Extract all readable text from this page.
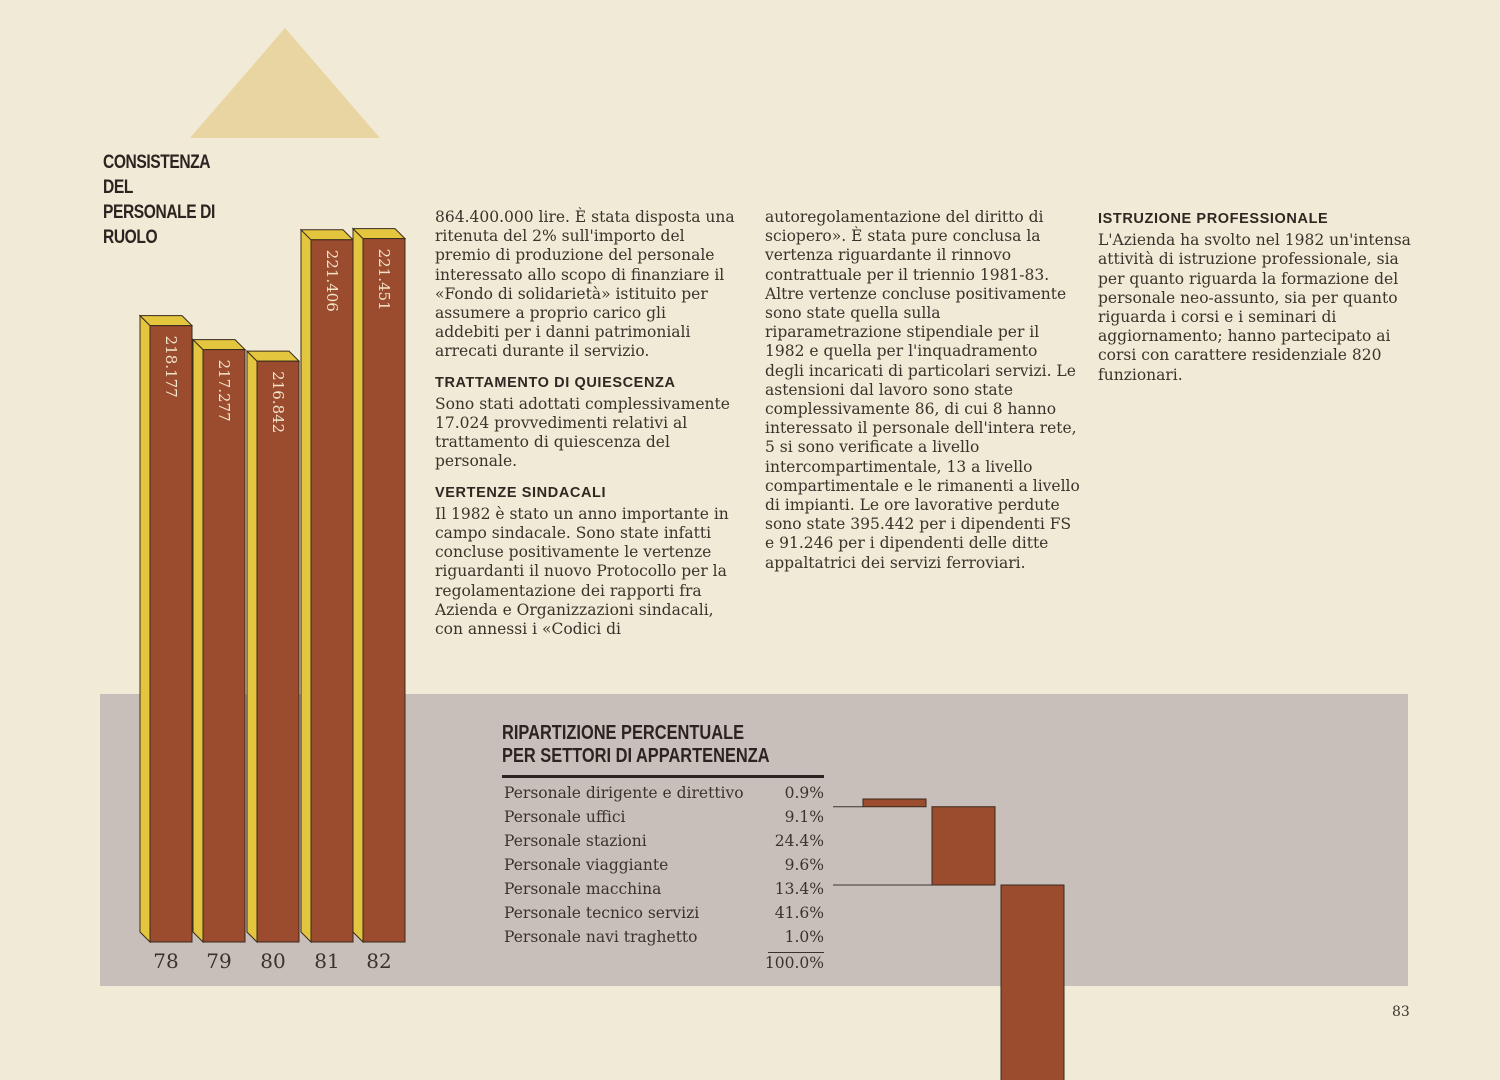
CONSISTENZA DEL PERSONALE DI RUOLO

864.400.000 lire. È stata disposta una ritenuta del 2% sull'importo del premio di produzione del personale interessato allo scopo di finanziare il «Fondo di solidarietà» istituito per assumere a proprio carico gli addebiti per i danni patrimoniali arrecati durante il servizio.

TRATTAMENTO DI QUIESCENZA

Sono stati adottati complessivamente 17.024 provvedimenti relativi al trattamento di quiescenza del personale.

VERTENZE SINDACALI

Il 1982 è stato un anno importante in campo sindacale. Sono state infatti concluse positivamente le vertenze riguardanti il nuovo Protocollo per la regolamentazione dei rapporti fra Azienda e Organizzazioni sindacali, con annessi i «Codici di

autoregolamentazione del diritto di sciopero». È stata pure conclusa la vertenza riguardante il rinnovo contrattuale per il triennio 1981-83. Altre vertenze concluse positivamente sono state quella sulla riparametrazione stipendiale per il 1982 e quella per l'inquadramento degli incaricati di particolari servizi. Le astensioni dal lavoro sono state complessivamente 86, di cui 8 hanno interessato il personale dell'intera rete, 5 si sono verificate a livello intercompartimentale, 13 a livello compartimentale e le rimanenti a livello di impianti. Le ore lavorative perdute sono state 395.442 per i dipendenti FS e 91.246 per i dipendenti delle ditte appaltatrici dei servizi ferroviari.

ISTRUZIONE PROFESSIONALE

L'Azienda ha svolto nel 1982 un'intensa attività di istruzione professionale, sia per quanto riguarda la formazione del personale neo-assunto, sia per quanto riguarda i corsi e i seminari di aggiornamento; hanno partecipato ai corsi con carattere residenziale 820 funzionari.

RIPARTIZIONE PERCENTUALE PER SETTORI DI APPARTENENZA
Personale dirigente e direttivo	0.9%
Personale uffici	9.1%
Personale stazioni	24.4%
Personale viaggiante	9.6%
Personale macchina	13.4%
Personale tecnico servizi	41.6%
Personale navi traghetto	1.0%
100.0%
218.177
78
217.277
79
216.842
80
221.406
81
221.451
82
83
